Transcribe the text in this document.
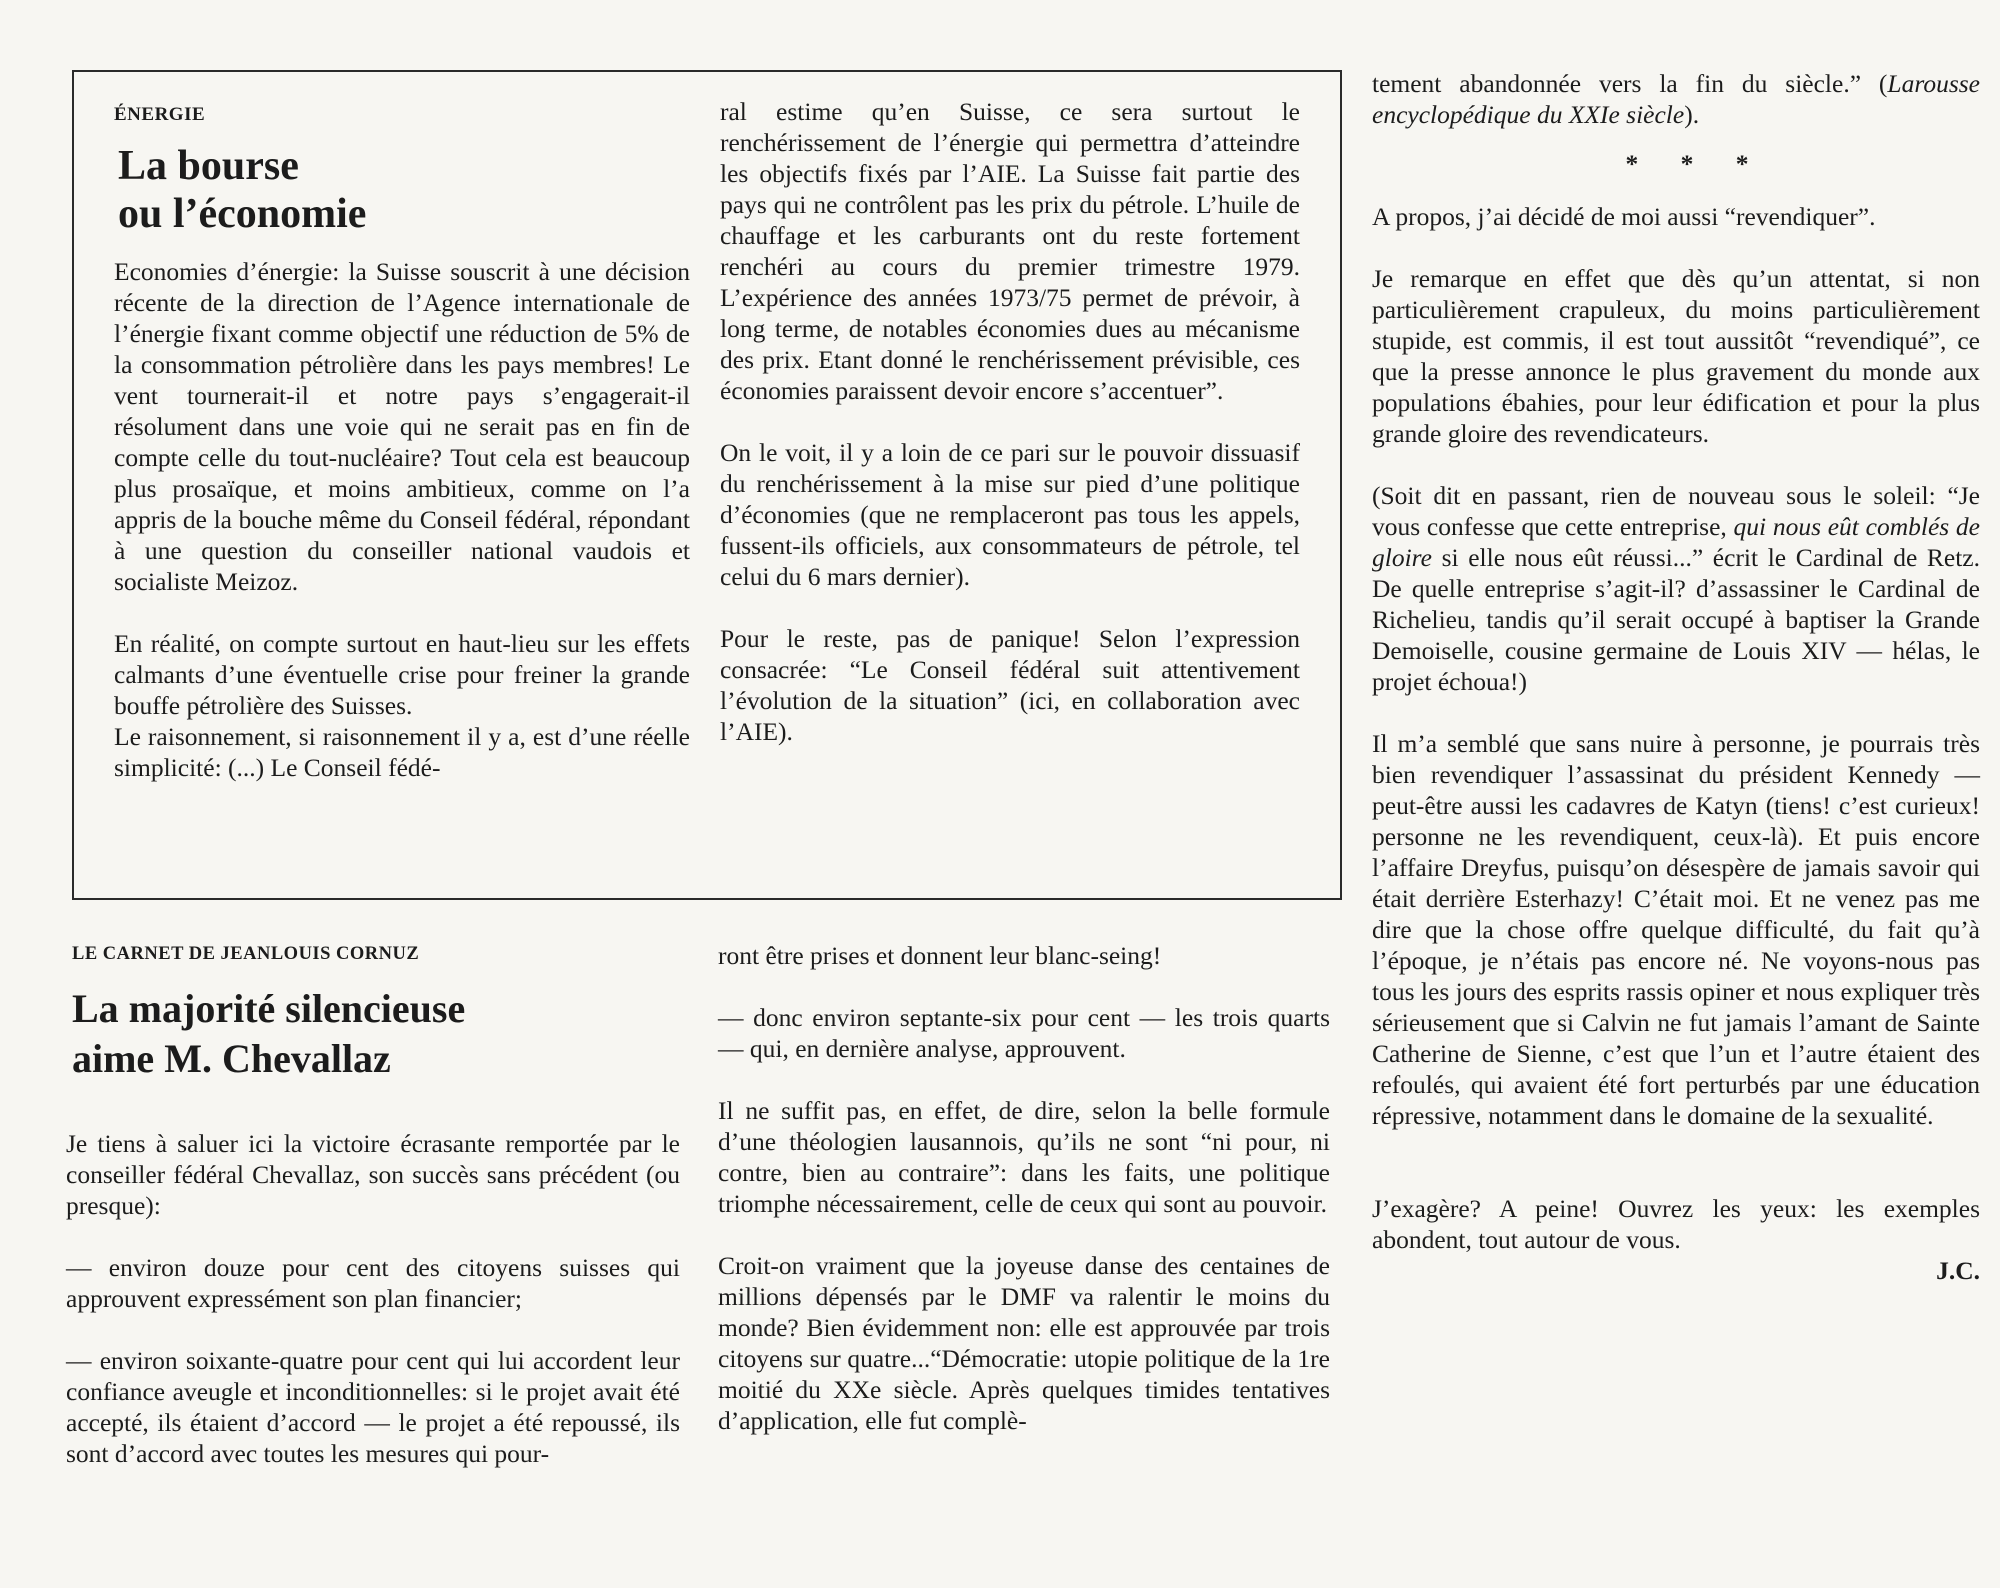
ÉNERGIE
La bourse
ou l’économie

Economies d’énergie: la Suisse souscrit à une décision récente de la direction de l’Agence internationale de l’énergie fixant comme objectif une réduction de 5% de la consommation pétrolière dans les pays membres! Le vent tournerait-il et notre pays s’engagerait-il résolument dans une voie qui ne serait pas en fin de compte celle du tout-nucléaire? Tout cela est beaucoup plus prosaïque, et moins ambitieux, comme on l’a appris de la bouche même du Conseil fédéral, répondant à une question du conseiller national vaudois et socialiste Meizoz.

En réalité, on compte surtout en haut-lieu sur les effets calmants d’une éventuelle crise pour freiner la grande bouffe pétrolière des Suisses.

Le raisonnement, si raisonnement il y a, est d’une réelle simplicité: (...) Le Conseil fédé-

ral estime qu’en Suisse, ce sera surtout le renchérissement de l’énergie qui permettra d’atteindre les objectifs fixés par l’AIE. La Suisse fait partie des pays qui ne contrôlent pas les prix du pétrole. L’huile de chauffage et les carburants ont du reste fortement renchéri au cours du premier trimestre 1979. L’expérience des années 1973/75 permet de prévoir, à long terme, de notables économies dues au mécanisme des prix. Etant donné le renchérissement prévisible, ces économies paraissent devoir encore s’accentuer”.

On le voit, il y a loin de ce pari sur le pouvoir dissuasif du renchérissement à la mise sur pied d’une politique d’économies (que ne remplaceront pas tous les appels, fussent-ils officiels, aux consommateurs de pétrole, tel celui du 6 mars dernier).

Pour le reste, pas de panique! Selon l’expression consacrée: “Le Conseil fédéral suit attentivement l’évolution de la situation” (ici, en collaboration avec l’AIE).

LE CARNET DE JEANLOUIS CORNUZ
La majorité silencieuse
aime M. Chevallaz

Je tiens à saluer ici la victoire écrasante remportée par le conseiller fédéral Chevallaz, son succès sans précédent (ou presque):

— environ douze pour cent des citoyens suisses qui approuvent expressément son plan financier;

— environ soixante-quatre pour cent qui lui accordent leur confiance aveugle et inconditionnelles: si le projet avait été accepté, ils étaient d’accord — le projet a été repoussé, ils sont d’accord avec toutes les mesures qui pour-

ront être prises et donnent leur blanc-seing!

— donc environ septante-six pour cent — les trois quarts — qui, en dernière analyse, approuvent.

Il ne suffit pas, en effet, de dire, selon la belle formule d’une théologien lausannois, qu’ils ne sont “ni pour, ni contre, bien au contraire”: dans les faits, une politique triomphe nécessairement, celle de ceux qui sont au pouvoir.

Croit-on vraiment que la joyeuse danse des centaines de millions dépensés par le DMF va ralentir le moins du monde? Bien évidemment non: elle est approuvée par trois citoyens sur quatre...“Démocratie: utopie politique de la 1re moitié du XXe siècle. Après quelques timides tentatives d’application, elle fut complè-

tement abandonnée vers la fin du siècle.” (Larousse encyclopédique du XXIe siècle).

* * *

A propos, j’ai décidé de moi aussi “revendiquer”.

Je remarque en effet que dès qu’un attentat, si non particulièrement crapuleux, du moins particulièrement stupide, est commis, il est tout aussitôt “revendiqué”, ce que la presse annonce le plus gravement du monde aux populations ébahies, pour leur édification et pour la plus grande gloire des revendicateurs.

(Soit dit en passant, rien de nouveau sous le soleil: “Je vous confesse que cette entreprise, qui nous eût comblés de gloire si elle nous eût réussi...” écrit le Cardinal de Retz. De quelle entreprise s’agit-il? d’assassiner le Cardinal de Richelieu, tandis qu’il serait occupé à baptiser la Grande Demoiselle, cousine germaine de Louis XIV — hélas, le projet échoua!)

Il m’a semblé que sans nuire à personne, je pourrais très bien revendiquer l’assassinat du président Kennedy — peut-être aussi les cadavres de Katyn (tiens! c’est curieux! personne ne les revendiquent, ceux-là). Et puis encore l’affaire Dreyfus, puisqu’on désespère de jamais savoir qui était derrière Esterhazy! C’était moi. Et ne venez pas me dire que la chose offre quelque difficulté, du fait qu’à l’époque, je n’étais pas encore né. Ne voyons-nous pas tous les jours des esprits rassis opiner et nous expliquer très sérieusement que si Calvin ne fut jamais l’amant de Sainte Catherine de Sienne, c’est que l’un et l’autre étaient des refoulés, qui avaient été fort perturbés par une éducation répressive, notamment dans le domaine de la sexualité.

J’exagère? A peine! Ouvrez les yeux: les exemples abondent, tout autour de vous.

J.C.
